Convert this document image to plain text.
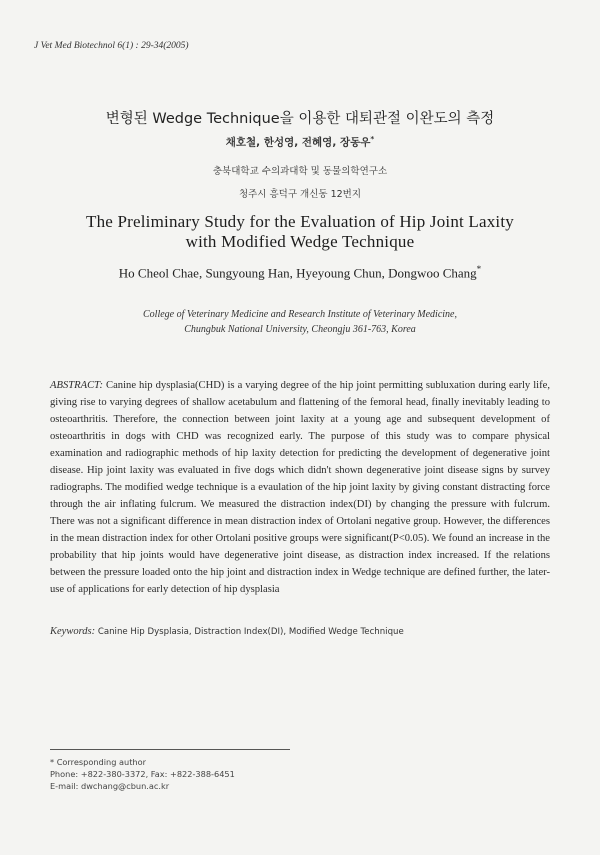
J Vet Med Biotechnol 6(1) : 29-34(2005)
변형된 Wedge Technique을 이용한 대퇴관절 이완도의 측정
채호철, 한성영, 전혜영, 장동우*
충북대학교 수의과대학 및 동물의학연구소
청주시 흥덕구 개신동 12번지
The Preliminary Study for the Evaluation of Hip Joint Laxity
with Modified Wedge Technique
Ho Cheol Chae, Sungyoung Han, Hyeyoung Chun, Dongwoo Chang*
College of Veterinary Medicine and Research Institute of Veterinary Medicine,
Chungbuk National University, Cheongju 361-763, Korea
ABSTRACT: Canine hip dysplasia(CHD) is a varying degree of the hip joint permitting subluxation during early life, giving rise to varying degrees of shallow acetabulum and flattening of the femoral head, finally inevitably leading to osteoarthritis. Therefore, the connection between joint laxity at a young age and subsequent development of osteoarthritis in dogs with CHD was recognized early. The purpose of this study was to compare physical examination and radiographic methods of hip laxity detection for predicting the development of degenerative joint disease. Hip joint laxity was evaluated in five dogs which didn't shown degenerative joint disease signs by survey radiographs. The modified wedge technique is a evaulation of the hip joint laxity by giving constant distracting force through the air inflating fulcrum. We measured the distraction index(DI) by changing the pressure with fulcrum. There was not a significant difference in mean distraction index of Ortolani negative group. However, the differences in the mean distraction index for other Ortolani positive groups were significant(P<0.05). We found an increase in the probability that hip joints would have degenerative joint disease, as distraction index increased. If the relations between the pressure loaded onto the hip joint and distraction index in Wedge technique are defined further, the later-use of applications for early detection of hip dysplasia
Keywords: Canine Hip Dysplasia, Distraction Index(DI), Modified Wedge Technique
* Corresponding author
Phone: +822-380-3372, Fax: +822-388-6451
E-mail: dwchang@cbun.ac.kr
